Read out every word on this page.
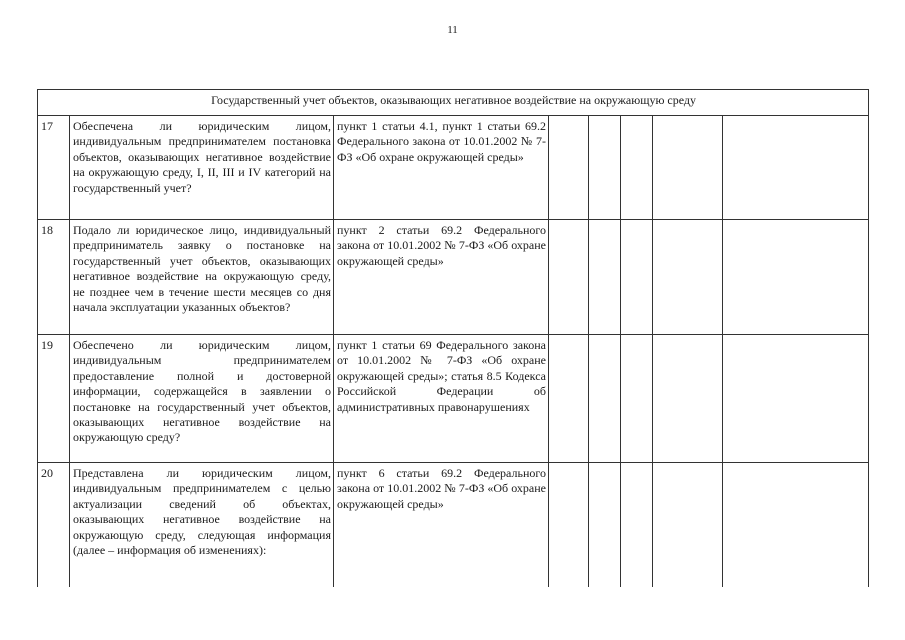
11
Государственный учет объектов, оказывающих негативное воздействие на окружающую среду							
17	Обеспечена ли юридическим лицом, индивидуальным предпринимателем постановка объектов, оказывающих негативное воздействие на окружающую среду, I, II, III и IV категорий на государственный учет?	пункт 1 статьи 4.1, пункт 1 статьи 69.2 Федерального закона от 10.01.2002 № 7-ФЗ «Об охране окружающей среды»					
18	Подало ли юридическое лицо, индивидуальный предприниматель заявку о постановке на государственный учет объектов, оказывающих негативное воздействие на окружающую среду, не позднее чем в течение шести месяцев со дня начала эксплуатации указанных объектов?	пункт 2 статьи 69.2 Федерального закона от 10.01.2002 № 7-ФЗ «Об охране окружающей среды»					
19	Обеспечено ли юридическим лицом, индивидуальным предпринимателем предоставление полной и достоверной информации, содержащейся в заявлении о постановке на государственный учет объектов, оказывающих негативное воздействие на окружающую среду?	пункт 1 статьи 69 Федерального закона от 10.01.2002 № 7-ФЗ «Об охране окружающей среды»; статья 8.5 Кодекса Российской Федерации об административных правонарушениях					
20	Представлена ли юридическим лицом, индивидуальным предпринимателем с целью актуализации сведений об объектах, оказывающих негативное воздействие на окружающую среду, следующая информация (далее – информация об изменениях):	пункт 6 статьи 69.2 Федерального закона от 10.01.2002 № 7-ФЗ «Об охране окружающей среды»					
